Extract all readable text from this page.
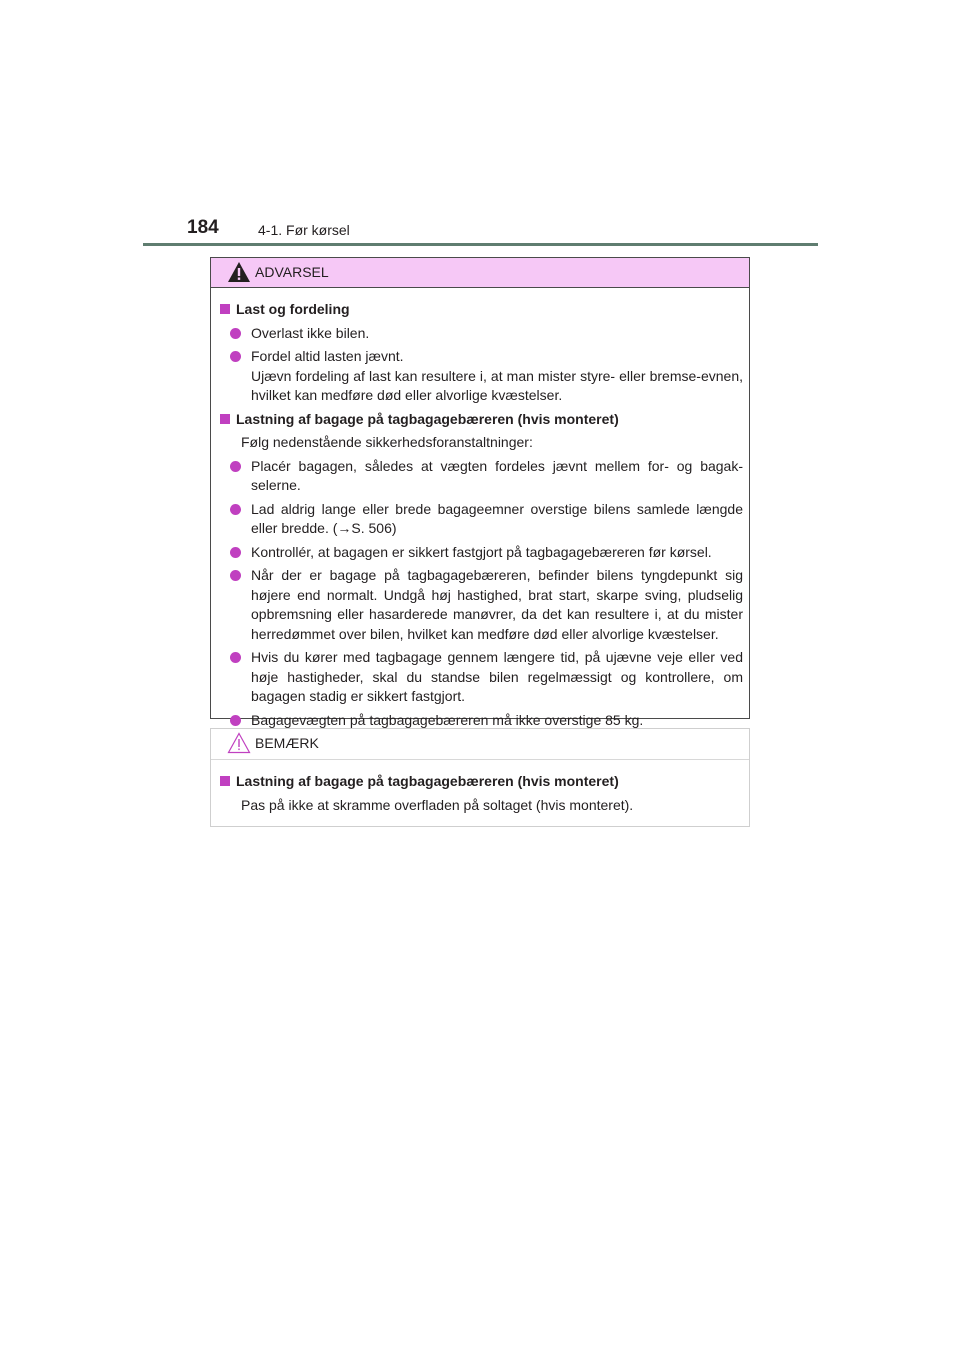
184	4-1. Før kørsel
ADVARSEL
Last og fordeling
Overlast ikke bilen.
Fordel altid lasten jævnt.
Ujævn fordeling af last kan resultere i, at man mister styre- eller bremse-evnen, hvilket kan medføre død eller alvorlige kvæstelser.
Lastning af bagage på tagbagagebæreren (hvis monteret)
Følg nedenstående sikkerhedsforanstaltninger:
Placér bagagen, således at vægten fordeles jævnt mellem for- og bagak-selerne.
Lad aldrig lange eller brede bagageemner overstige bilens samlede længde eller bredde. (→S. 506)
Kontrollér, at bagagen er sikkert fastgjort på tagbagagebæreren før kørsel.
Når der er bagage på tagbagagebæreren, befinder bilens tyngdepunkt sig højere end normalt. Undgå høj hastighed, brat start, skarpe sving, pludselig opbremsning eller hasarderede manøvrer, da det kan resultere i, at du mister herredømmet over bilen, hvilket kan medføre død eller alvorlige kvæstelser.
Hvis du kører med tagbagage gennem længere tid, på ujævne veje eller ved høje hastigheder, skal du standse bilen regelmæssigt og kontrollere, om bagagen stadig er sikkert fastgjort.
Bagagevægten på tagbagagebæreren må ikke overstige 85 kg.
BEMÆRK
Lastning af bagage på tagbagagebæreren (hvis monteret)
Pas på ikke at skramme overfladen på soltaget (hvis monteret).
